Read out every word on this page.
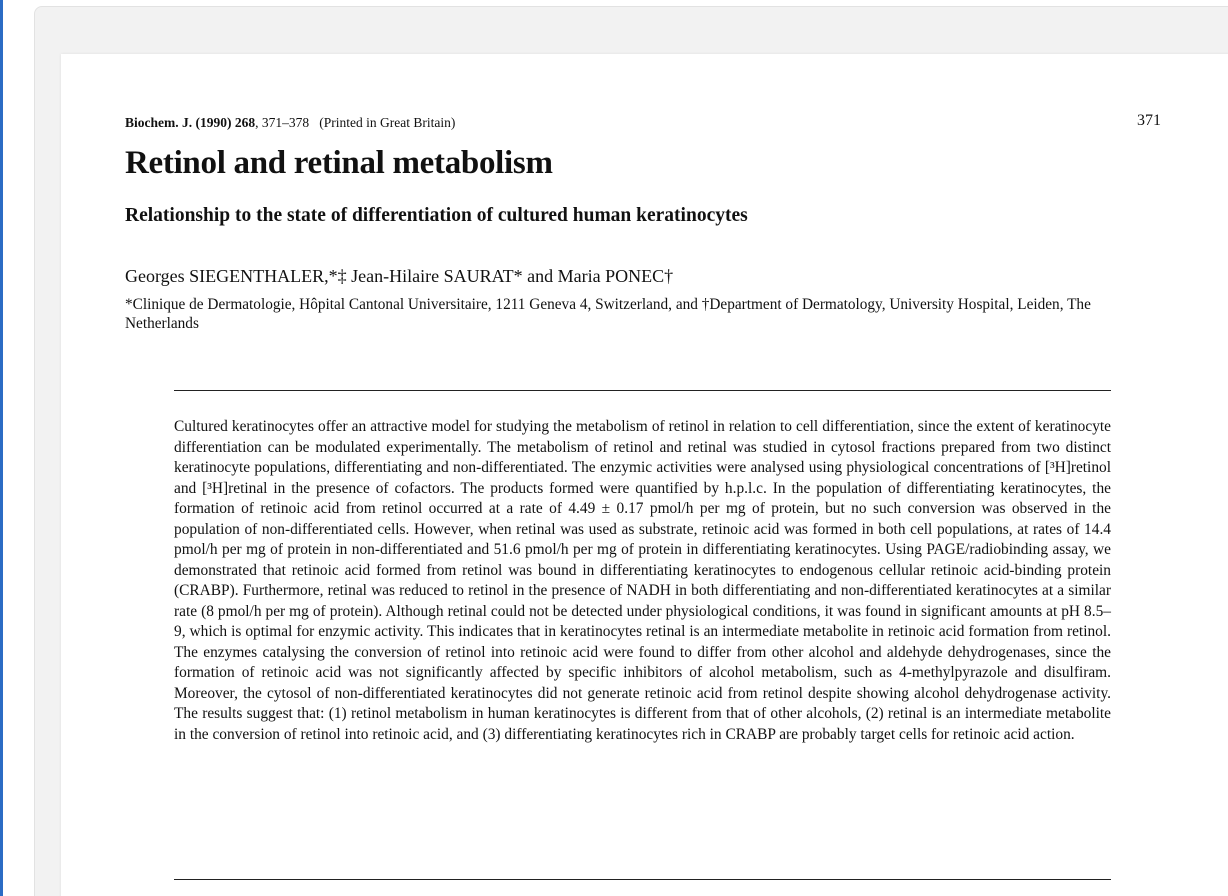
Biochem. J. (1990) 268, 371–378 (Printed in Great Britain)	371
Retinol and retinal metabolism
Relationship to the state of differentiation of cultured human keratinocytes
Georges SIEGENTHALER,*‡ Jean-Hilaire SAURAT* and Maria PONEC†
*Clinique de Dermatologie, Hôpital Cantonal Universitaire, 1211 Geneva 4, Switzerland, and †Department of Dermatology, University Hospital, Leiden, The Netherlands

Cultured keratinocytes offer an attractive model for studying the metabolism of retinol in relation to cell differentiation, since the extent of keratinocyte differentiation can be modulated experimentally. The metabolism of retinol and retinal was studied in cytosol fractions prepared from two distinct keratinocyte populations, differentiating and non-differentiated. The enzymic activities were analysed using physiological concentrations of [³H]retinol and [³H]retinal in the presence of cofactors. The products formed were quantified by h.p.l.c. In the population of differentiating keratinocytes, the formation of retinoic acid from retinol occurred at a rate of 4.49 ± 0.17 pmol/h per mg of protein, but no such conversion was observed in the population of non-differentiated cells. However, when retinal was used as substrate, retinoic acid was formed in both cell populations, at rates of 14.4 pmol/h per mg of protein in non-differentiated and 51.6 pmol/h per mg of protein in differentiating keratinocytes. Using PAGE/radiobinding assay, we demonstrated that retinoic acid formed from retinol was bound in differentiating keratinocytes to endogenous cellular retinoic acid-binding protein (CRABP). Furthermore, retinal was reduced to retinol in the presence of NADH in both differentiating and non-differentiated keratinocytes at a similar rate (8 pmol/h per mg of protein). Although retinal could not be detected under physiological conditions, it was found in significant amounts at pH 8.5–9, which is optimal for enzymic activity. This indicates that in keratinocytes retinal is an intermediate metabolite in retinoic acid formation from retinol. The enzymes catalysing the conversion of retinol into retinoic acid were found to differ from other alcohol and aldehyde dehydrogenases, since the formation of retinoic acid was not significantly affected by specific inhibitors of alcohol metabolism, such as 4-methylpyrazole and disulfiram. Moreover, the cytosol of non-differentiated keratinocytes did not generate retinoic acid from retinol despite showing alcohol dehydrogenase activity. The results suggest that: (1) retinol metabolism in human keratinocytes is different from that of other alcohols, (2) retinal is an intermediate metabolite in the conversion of retinol into retinoic acid, and (3) differentiating keratinocytes rich in CRABP are probably target cells for retinoic acid action.
